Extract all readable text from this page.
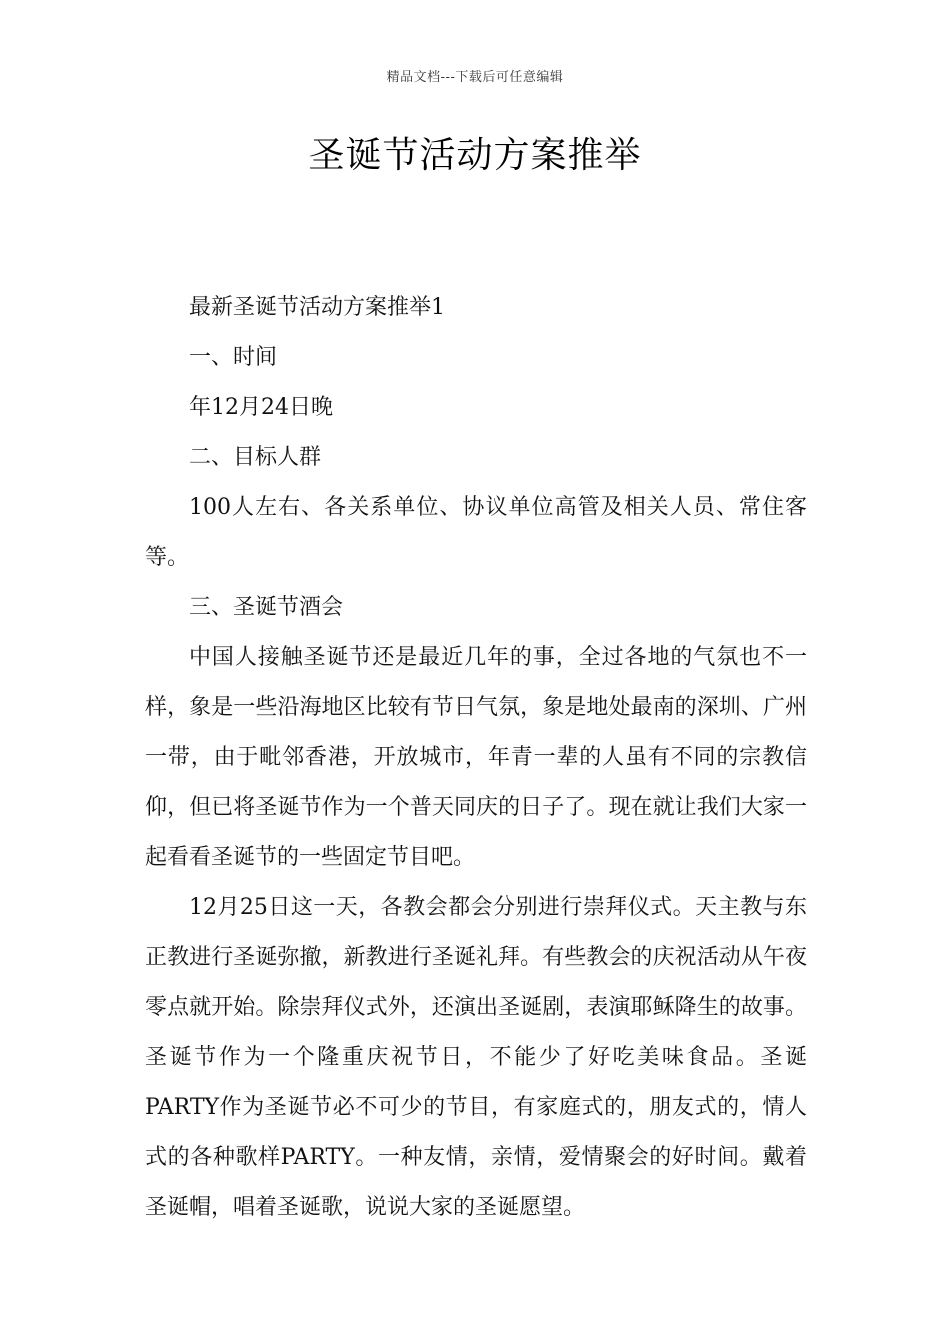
精品文档---下载后可任意编辑
圣诞节活动方案推举

最新圣诞节活动方案推举1

一、时间

年12月24日晚

二、目标人群

100人左右、各关系单位、协议单位高管及相关人员、常住客等。

三、圣诞节酒会

中国人接触圣诞节还是最近几年的事，全过各地的气氛也不一样，象是一些沿海地区比较有节日气氛，象是地处最南的深圳、广州一带，由于毗邻香港，开放城市，年青一辈的人虽有不同的宗教信仰，但已将圣诞节作为一个普天同庆的日子了。现在就让我们大家一起看看圣诞节的一些固定节目吧。

12月25日这一天，各教会都会分别进行崇拜仪式。天主教与东正教进行圣诞弥撤，新教进行圣诞礼拜。有些教会的庆祝活动从午夜零点就开始。除崇拜仪式外，还演出圣诞剧，表演耶稣降生的故事。圣诞节作为一个隆重庆祝节日，不能少了好吃美味食品。圣诞PARTY作为圣诞节必不可少的节目，有家庭式的，朋友式的，情人式的各种歌样PARTY。一种友情，亲情，爱情聚会的好时间。戴着圣诞帽，唱着圣诞歌，说说大家的圣诞愿望。
